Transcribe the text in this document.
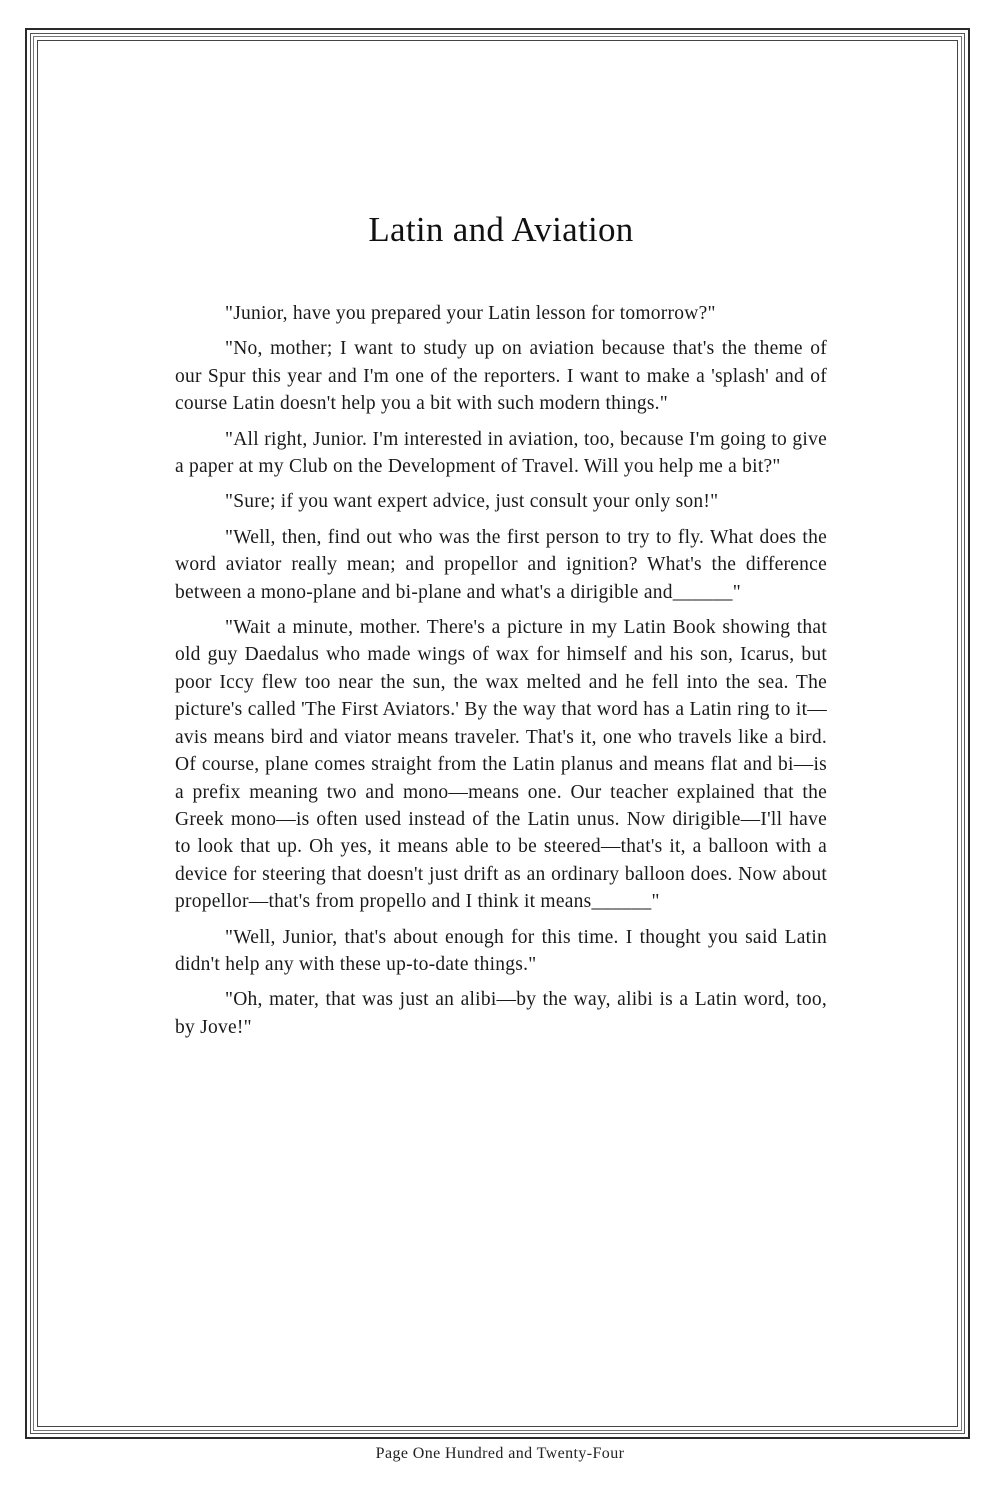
Latin and Aviation

"Junior, have you prepared your Latin lesson for tomorrow?"

"No, mother; I want to study up on aviation because that's the theme of our Spur this year and I'm one of the reporters. I want to make a 'splash' and of course Latin doesn't help you a bit with such modern things."

"All right, Junior. I'm interested in aviation, too, because I'm going to give a paper at my Club on the Development of Travel. Will you help me a bit?"

"Sure; if you want expert advice, just consult your only son!"

"Well, then, find out who was the first person to try to fly. What does the word aviator really mean; and propellor and ignition? What's the difference between a mono-plane and bi-plane and what's a dirigible and______"

"Wait a minute, mother. There's a picture in my Latin Book showing that old guy Daedalus who made wings of wax for himself and his son, Icarus, but poor Iccy flew too near the sun, the wax melted and he fell into the sea. The picture's called 'The First Aviators.' By the way that word has a Latin ring to it—avis means bird and viator means traveler. That's it, one who travels like a bird. Of course, plane comes straight from the Latin planus and means flat and bi—is a prefix meaning two and mono—means one. Our teacher explained that the Greek mono—is often used instead of the Latin unus. Now dirigible—I'll have to look that up. Oh yes, it means able to be steered—that's it, a balloon with a device for steering that doesn't just drift as an ordinary balloon does. Now about propellor—that's from propello and I think it means______"

"Well, Junior, that's about enough for this time. I thought you said Latin didn't help any with these up-to-date things."

"Oh, mater, that was just an alibi—by the way, alibi is a Latin word, too, by Jove!"

Page One Hundred and Twenty-Four
